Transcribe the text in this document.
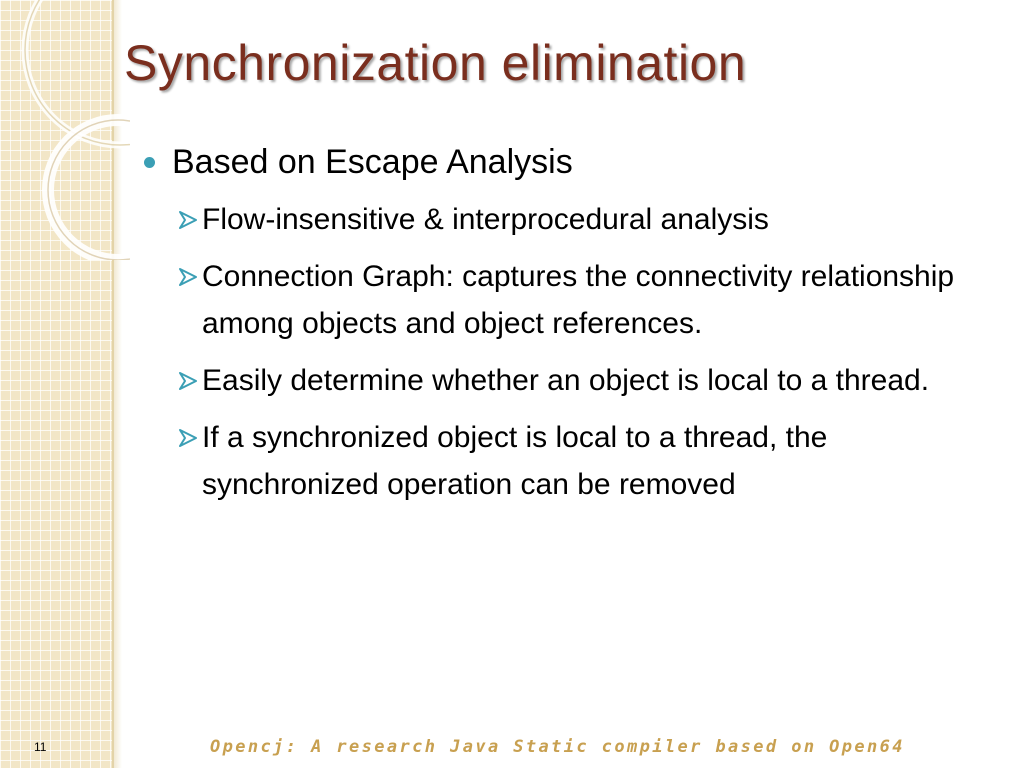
Synchronization elimination
Based on Escape Analysis
Flow-insensitive & interprocedural analysis
Connection Graph: captures the connectivity relationship among objects and object references.
Easily determine whether an object is local to a thread.
If a synchronized object is local to a thread, the synchronized operation can be removed
11	Opencj: A research Java Static compiler based on Open64
